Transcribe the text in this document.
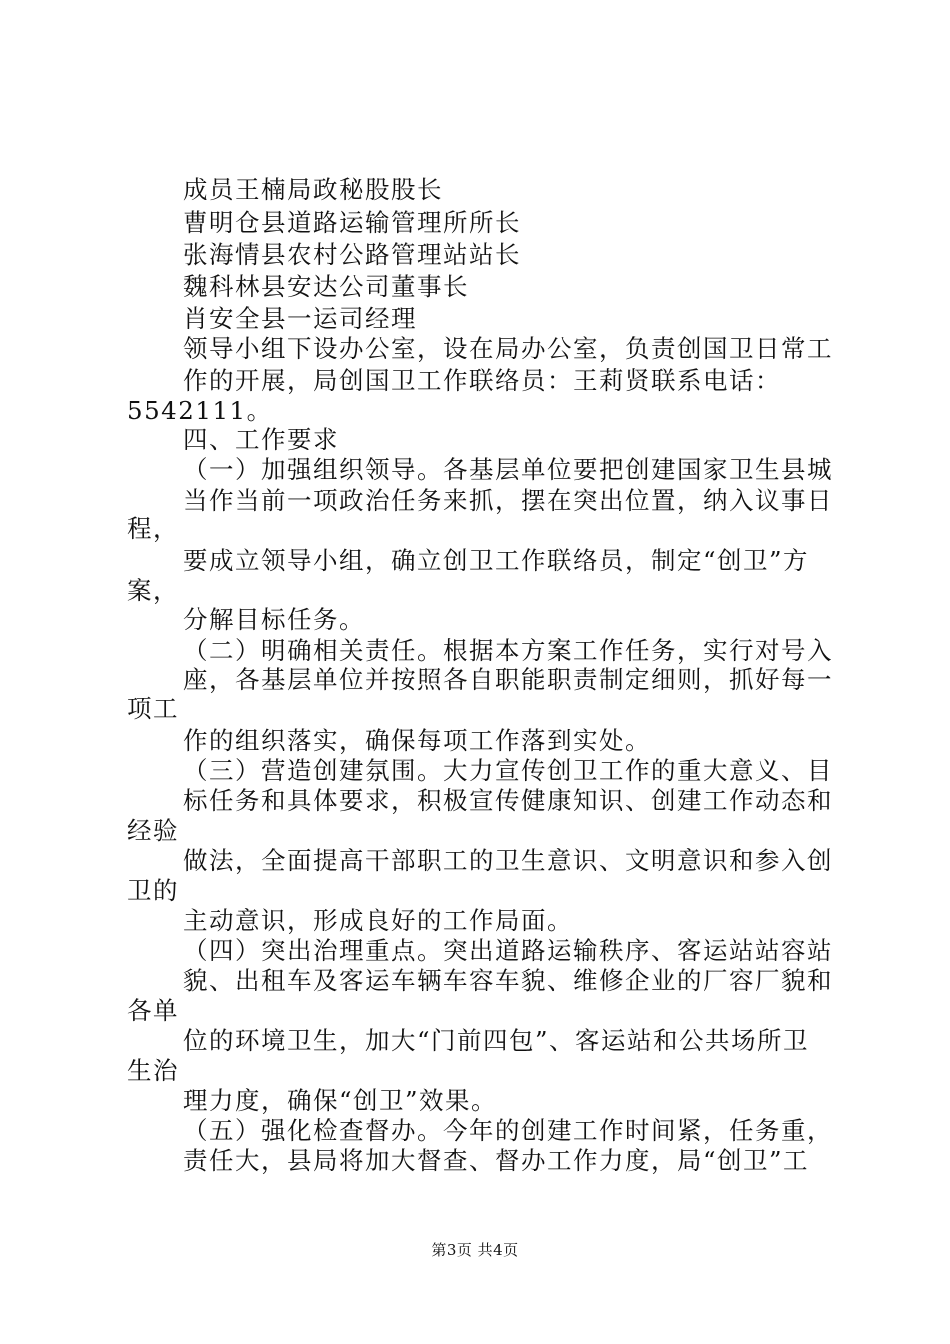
成员王楠局政秘股股长
曹明仓县道路运输管理所所长
张海情县农村公路管理站站长
魏科林县安达公司董事长
肖安全县一运司经理
领导小组下设办公室，设在局办公室，负责创国卫日常工
作的开展，局创国卫工作联络员：王莉贤联系电话：
5542111。
四、工作要求
（一）加强组织领导。各基层单位要把创建国家卫生县城
当作当前一项政治任务来抓，摆在突出位置，纳入议事日
程，
要成立领导小组，确立创卫工作联络员，制定“创卫”方
案，
分解目标任务。
（二）明确相关责任。根据本方案工作任务，实行对号入
座，各基层单位并按照各自职能职责制定细则，抓好每一
项工
作的组织落实，确保每项工作落到实处。
（三）营造创建氛围。大力宣传创卫工作的重大意义、目
标任务和具体要求，积极宣传健康知识、创建工作动态和
经验
做法，全面提高干部职工的卫生意识、文明意识和参入创
卫的
主动意识，形成良好的工作局面。
（四）突出治理重点。突出道路运输秩序、客运站站容站
貌、出租车及客运车辆车容车貌、维修企业的厂容厂貌和
各单
位的环境卫生，加大“门前四包”、客运站和公共场所卫
生治
理力度，确保“创卫”效果。
（五）强化检查督办。今年的创建工作时间紧，任务重，
责任大，县局将加大督查、督办工作力度，局“创卫”工
第3页 共4页
